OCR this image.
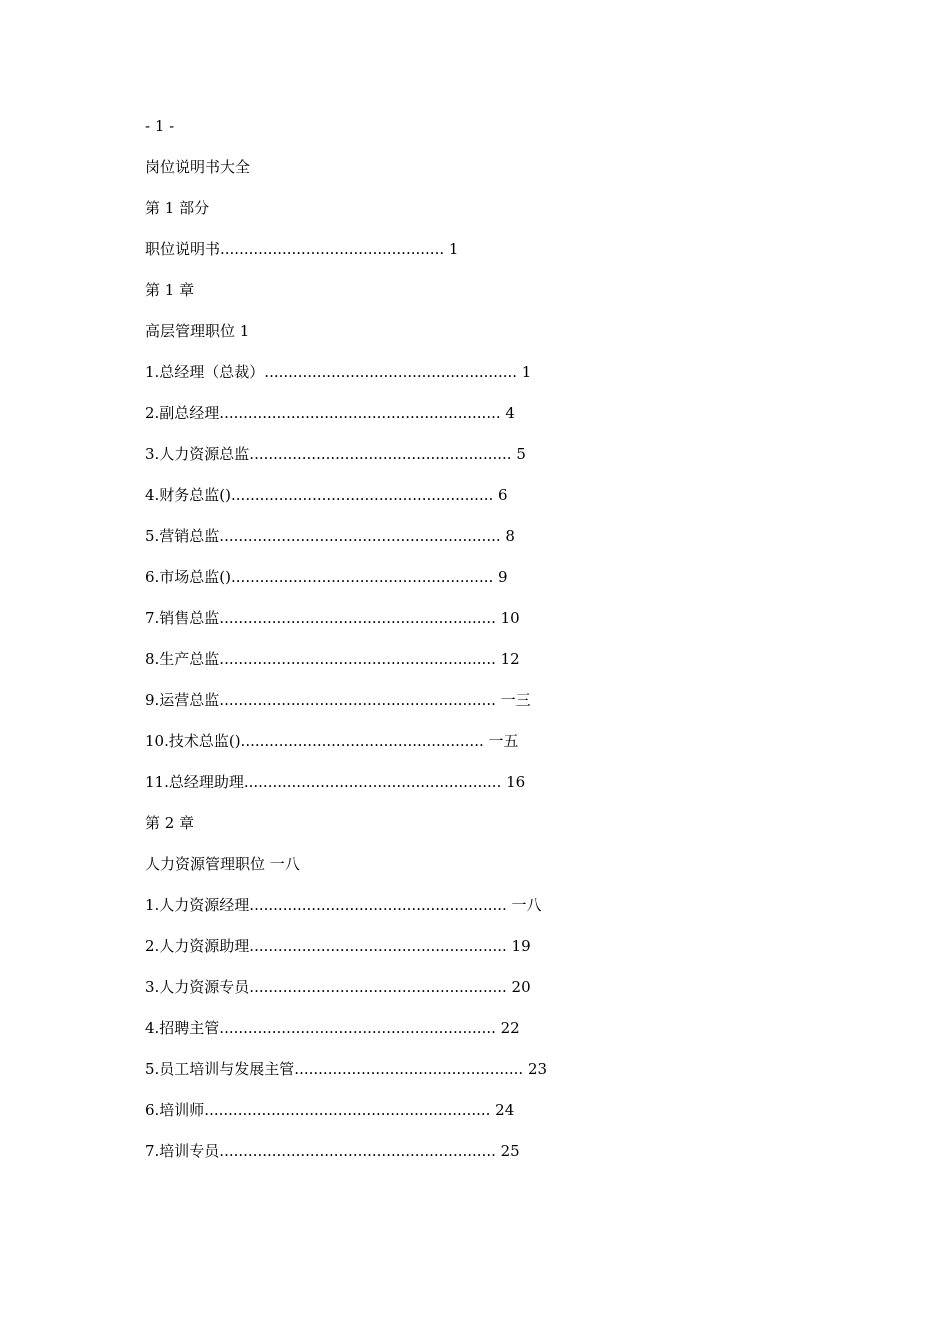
- 1 -
岗位说明书大全
第 1 部分
职位说明书............................................... 1
第 1 章
高层管理职位 1
1.总经理（总裁）..................................................... 1
2.副总经理........................................................... 4
3.人力资源总监....................................................... 5
4.财务总监()....................................................... 6
5.营销总监........................................................... 8
6.市场总监()....................................................... 9
7.销售总监.......................................................... 10
8.生产总监.......................................................... 12
9.运营总监.......................................................... 一三
10.技术总监()................................................... 一五
11.总经理助理...................................................... 16
第 2 章
人力资源管理职位 一八
1.人力资源经理...................................................... 一八
2.人力资源助理...................................................... 19
3.人力资源专员...................................................... 20
4.招聘主管.......................................................... 22
5.员工培训与发展主管................................................ 23
6.培训师............................................................ 24
7.培训专员.......................................................... 25
